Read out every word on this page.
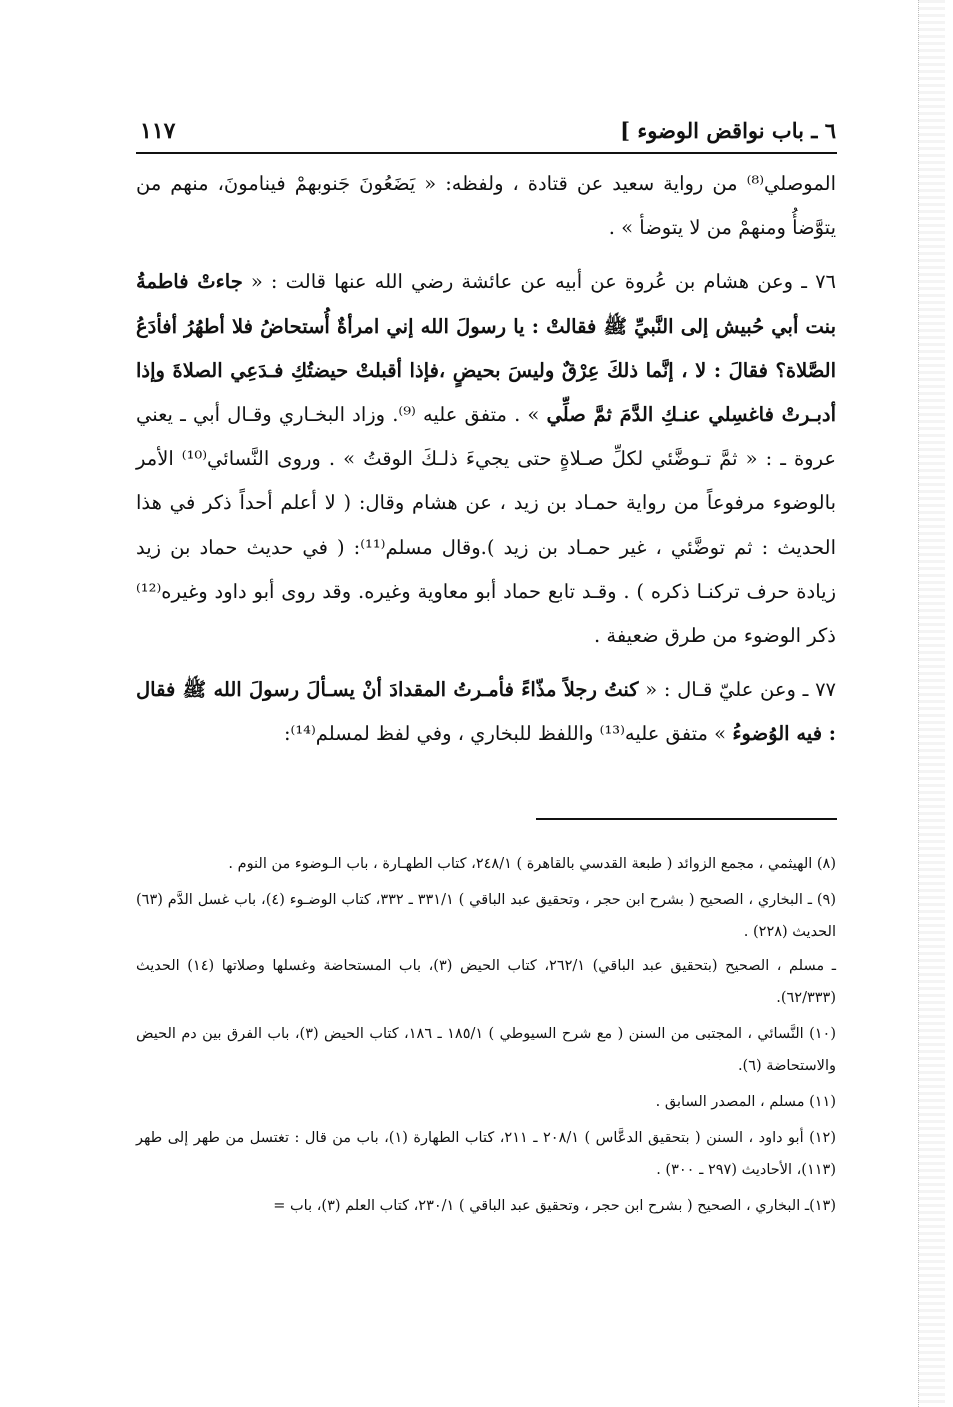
٦ ـ باب نواقض الوضوء ]
١١٧

الموصلي⁽⁸⁾ من رواية سعيد عن قتادة ، ولفظه: « يَضَعُونَ جَنوبهمْ فينامونَ، منهم من يتوَّضأُ ومنهمْ من لا يتوضأ » .

٧٦ ـ وعن هشام بن عُروة عن أبيه عن عائشة رضي الله عنها قالت : « جاءتْ فاطمةُ بنت أبي حُبيش إلى النَّبيِّ ﷺ فقالتْ : يا رسولَ الله إني امرأةٌ أُستحاضُ فلا أطهُرُ أفأدَعُ الصَّلاة؟ فقالَ : لا ، إنَّما ذلكَ عِرْقٌ وليسَ بحيضٍ ،فإذا أقبلتْ حيضتُكِ فـدَعِي الصلاةَ وإذا أدبـرتْ فاغسِلي عنـكِ الدَّمَ ثمَّ صلِّي » . متفق عليه ⁽⁹⁾. وزاد البخـاري وقـال أبي ـ يعني عروة ـ : « ثمَّ تـوضَّئي لكلِّ صـلاةٍ حتى يجيءَ ذلـكَ الوقتُ » . وروى النَّسائي⁽¹⁰⁾ الأمر بالوضوء مرفوعاً من رواية حمـاد بن زيد ، عن هشام وقال: ( لا أعلم أحداً ذكر في هذا الحديث : ثم توضَّئي ، غير حمـاد بن زيد ).وقال مسلم⁽¹¹⁾: ( في حديث حماد بن زيد زيادة حرف تركنـا ذكره ) . وقـد تابع حماد أبو معاوية وغيره. وقد روى أبو داود وغيره⁽¹²⁾ ذكر الوضوء من طرق ضعيفة .

٧٧ ـ وعن عليّ قـال : « كنتُ رجلاً مذّاءً فأمـرتُ المقدادَ أنْ يسـألَ رسولَ الله ﷺ فقال : فيه الوُضوءُ » متفق عليه⁽¹³⁾ واللفظ للبخاري ، وفي لفظ لمسلم⁽¹⁴⁾:

(٨) الهيثمي ، مجمع الزوائد ( طبعة القدسي بالقاهرة ) ٢٤٨/١، كتاب الطهـارة ، باب الـوضوء من النوم .

(٩) ـ البخاري ، الصحيح ( بشرح ابن حجر ، وتحقيق عبد الباقي ) ٣٣١/١ ـ ٣٣٢، كتاب الوضـوء (٤)، باب غسل الدَّم (٦٣) الحديث (٢٢٨) .

ـ مسلم ، الصحيح (بتحقيق عبد الباقي) ٢٦٢/١، كتاب الحيض (٣)، باب المستحاضة وغسلها وصلاتها (١٤) الحديث (٦٢/٣٣٣).

(١٠) النَّسائي ، المجتبى من السنن ( مع شرح السيوطي ) ١٨٥/١ ـ ١٨٦، كتاب الحيض (٣)، باب الفرق بين دم الحيض والاستحاضة (٦).

(١١) مسلم ، المصدر السابق .

(١٢) أبو داود ، السنن ( بتحقيق الدعَّاس ) ٢٠٨/١ ـ ٢١١، كتاب الطهارة (١)، باب من قال : تغتسل من طهر إلى طهر (١١٣)، الأحاديث (٢٩٧ ـ ٣٠٠) .

(١٣)ـ البخاري ، الصحيح ( بشرح ابن حجر ، وتحقيق عبد الباقي ) ٢٣٠/١، كتاب العلم (٣)، باب =
